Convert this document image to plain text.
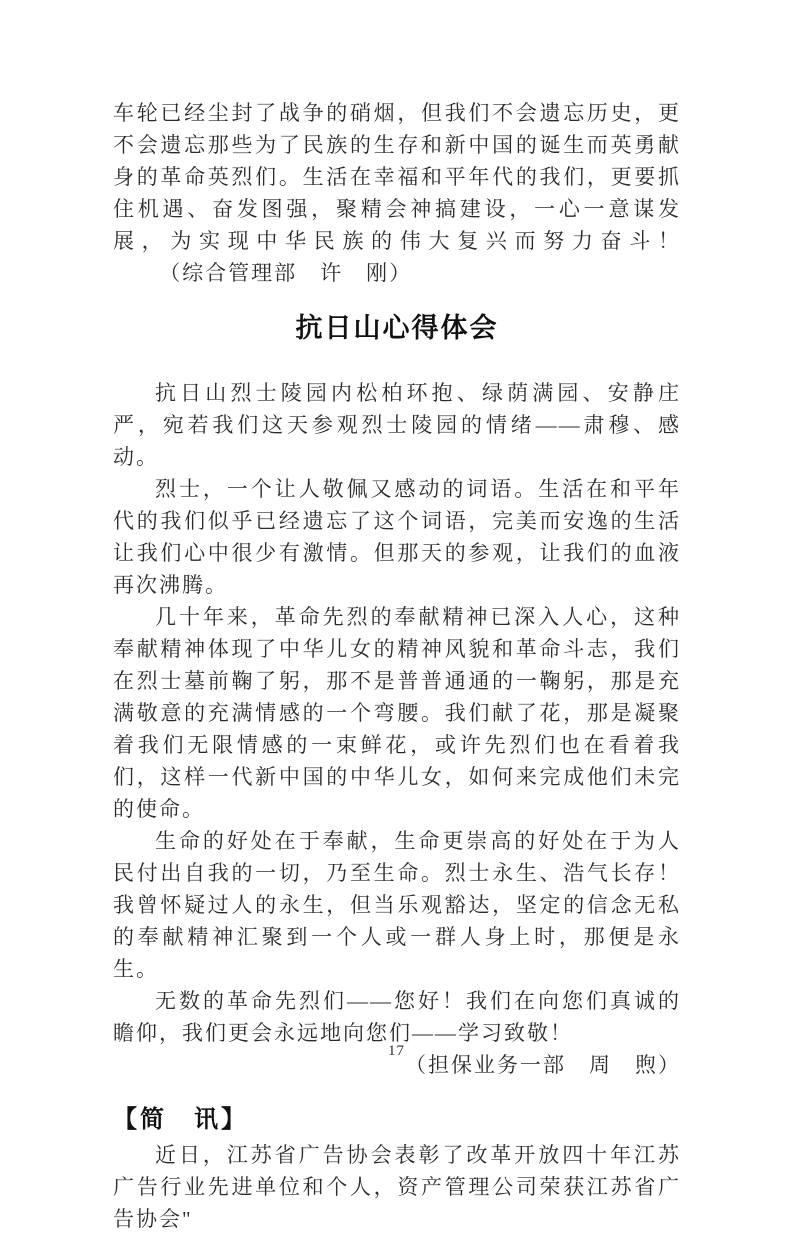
车轮已经尘封了战争的硝烟，但我们不会遗忘历史，更不会遗忘那些为了民族的生存和新中国的诞生而英勇献身的革命英烈们。生活在幸福和平年代的我们，更要抓住机遇、奋发图强，聚精会神搞建设，一心一意谋发展，为实现中华民族的伟大复兴而努力奋斗！（综合管理部　许　刚）

抗日山心得体会

抗日山烈士陵园内松柏环抱、绿荫满园、安静庄严，宛若我们这天参观烈士陵园的情绪——肃穆、感动。

烈士，一个让人敬佩又感动的词语。生活在和平年代的我们似乎已经遗忘了这个词语，完美而安逸的生活让我们心中很少有激情。但那天的参观，让我们的血液再次沸腾。

几十年来，革命先烈的奉献精神已深入人心，这种奉献精神体现了中华儿女的精神风貌和革命斗志，我们在烈士墓前鞠了躬，那不是普普通通的一鞠躬，那是充满敬意的充满情感的一个弯腰。我们献了花，那是凝聚着我们无限情感的一束鲜花，或许先烈们也在看着我们，这样一代新中国的中华儿女，如何来完成他们未完的使命。

生命的好处在于奉献，生命更崇高的好处在于为人民付出自我的一切，乃至生命。烈士永生、浩气长存！我曾怀疑过人的永生，但当乐观豁达，坚定的信念无私的奉献精神汇聚到一个人或一群人身上时，那便是永生。

无数的革命先烈们——您好！我们在向您们真诚的瞻仰，我们更会永远地向您们——学习致敬！

（担保业务一部　周　煦）

【简　讯】

近日，江苏省广告协会表彰了改革开放四十年江苏广告行业先进单位和个人，资产管理公司荣获江苏省广告协会"

17
